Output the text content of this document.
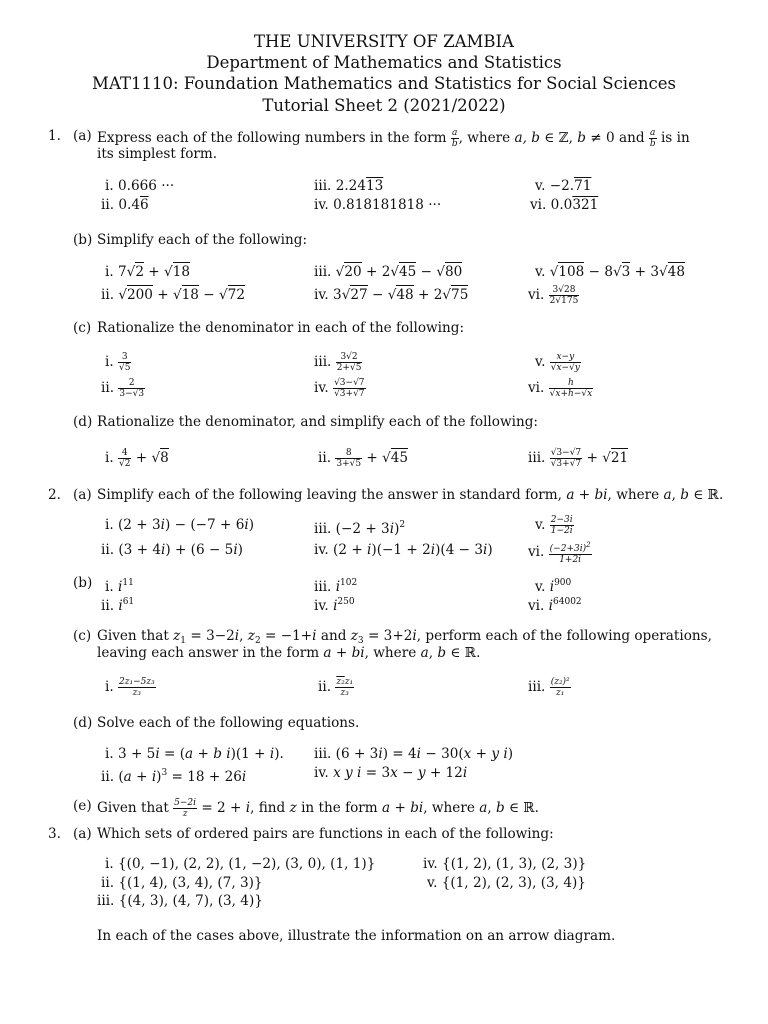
THE UNIVERSITY OF ZAMBIA
Department of Mathematics and Statistics
MAT1110: Foundation Mathematics and Statistics for Social Sciences
Tutorial Sheet 2 (2021/2022)
1. (a) Express each of the following numbers in the form $\frac{a}{b}$ , where a, b ∈ ℤ, b ≠ 0 and $\frac{a}{b}$ is in
its simplest form.
i. 0.666 ···
ii. 0.46
iii. 2.2413
iv. 0.818181818 ···
v. −2.71
vi. 0.0321
(b) Simplify each of the following:
i. 7√2 + √18
ii. √200 + √18 − √72
iii. √20 + 2√45 − √80
iv. 3√27 − √48 + 2√75
v. √108 − 8√3 + 3√48
vi. $\frac{3√28}{2√175}$
(c) Rationalize the denominator in each of the following:
i. $\frac{3}{√5}$
ii. $\frac{2}{3-√3}$
iii. $\frac{3√2}{2+√5}$
iv. $\frac{√3-√7}{√3+√7}$
v. $\frac{x-y}{√x-√y}$
vi. $\frac{h}{√x+h-√x}$
(d) Rationalize the denominator, and simplify each of the following:
i. $\frac{4}{√2} + √8$	ii. $\frac{8}{3+√5} + √45$	iii. $\frac{√3-√7}{√3+√7} + √21$
2. (a) Simplify each of the following leaving the answer in standard form, a + bi, where a, b ∈ ℝ.
i. (2 + 3i) − (−7 + 6i)
ii. (3 + 4i) + (6 − 5i)
iii. $(-2 + 3i)^2$
iv. (2 + i)(−1 + 2i)(4 − 3i)
v. $\frac{2-3i}{1-2i}$
vi. $\frac{(-2+3i)^2}{1+2i}$
(b) i. $i^{11}$
ii. $i^{61}$
iii. $i^{102}$
iv. $i^{250}$
v. $i^{900}$
vi. $i^{64002}$
(c) Given that $z_1 = 3-2i$, $z_2 = -1+i$ and $z_3 = 3+2i$, perform each of the following operations,
leaving each answer in the form a + bi, where a, b ∈ ℝ.
i. $\frac{\text{2z₁−5z₃}}{\text{z₃}}$	ii. $\frac{\text{z₂z₁}}{\text{z₃}}$	iii. $\frac{\text{(z₂)²}}{\text{z₁}}$
(d) Solve each of the following equations.
i. 3 + 5i = (a + b i)(1 + i).
ii. $(a + i)^3 = 18 + 26i$
iii. (6 + 3i) = 4i − 30(x + y i)
iv. x y i = 3x − y + 12i
(e) Given that $\frac{5-2i}{z} = 2 + i$, find z in the form a + bi, where a, b ∈ ℝ.
3. (a) Which sets of ordered pairs are functions in each of the following:
i. {(0, −1), (2, 2), (1, −2), (3, 0), (1, 1)}
ii. {(1, 4), (3, 4), (7, 3)}
iii. {(4, 3), (4, 7), (3, 4)}
iv. {(1, 2), (1, 3), (2, 3)}
v. {(1, 2), (2, 3), (3, 4)}
In each of the cases above, illustrate the information on an arrow diagram.
